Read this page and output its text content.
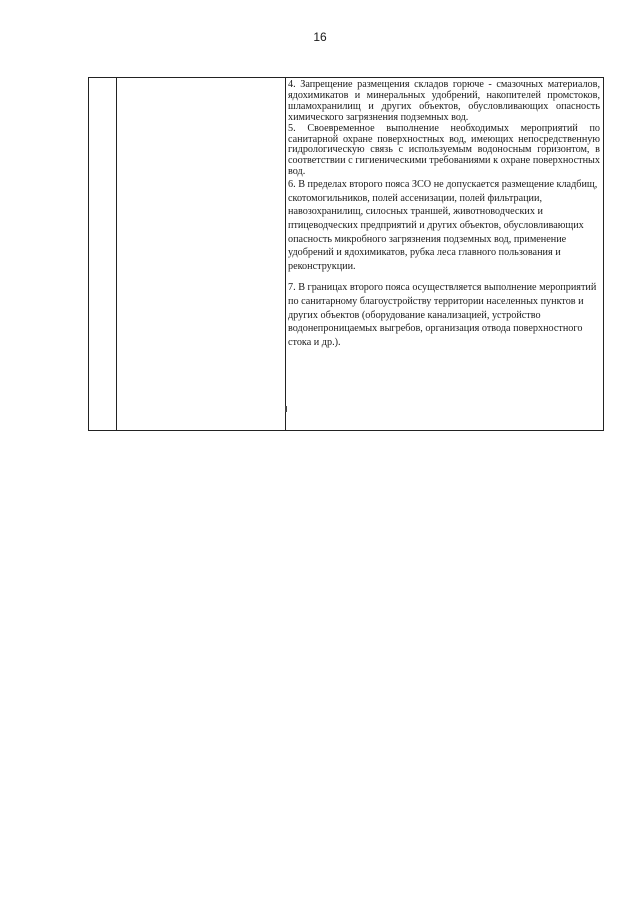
16

4. Запрещение размещения складов горюче - смазочных материалов, ядохимикатов и минеральных удобрений, накопителей промстоков, шламохранилищ и других объектов, обусловливающих опасность химического загрязнения подземных вод.

5. Своевременное выполнение необходимых мероприятий по санитарной охране поверхностных вод, имеющих непосредственную гидрологическую связь с используемым водоносным горизонтом, в соответствии с гигиеническими требованиями к охране поверхностных вод.

6. В пределах второго пояса ЗСО не допускается размещение кладбищ, скотомогильников, полей ассенизации, полей фильтрации, навозохранилищ, силосных траншей, животноводческих и птицеводческих предприятий и других объектов, обусловливающих опасность микробного загрязнения подземных вод, применение удобрений и ядохимикатов, рубка леса главного пользования и реконструкции.

7. В границах второго пояса осуществляется выполнение мероприятий по санитарному благоустройству территории населенных пунктов и других объектов (оборудование канализацией, устройство водонепроницаемых выгребов, организация отвода поверхностного стока и др.).
